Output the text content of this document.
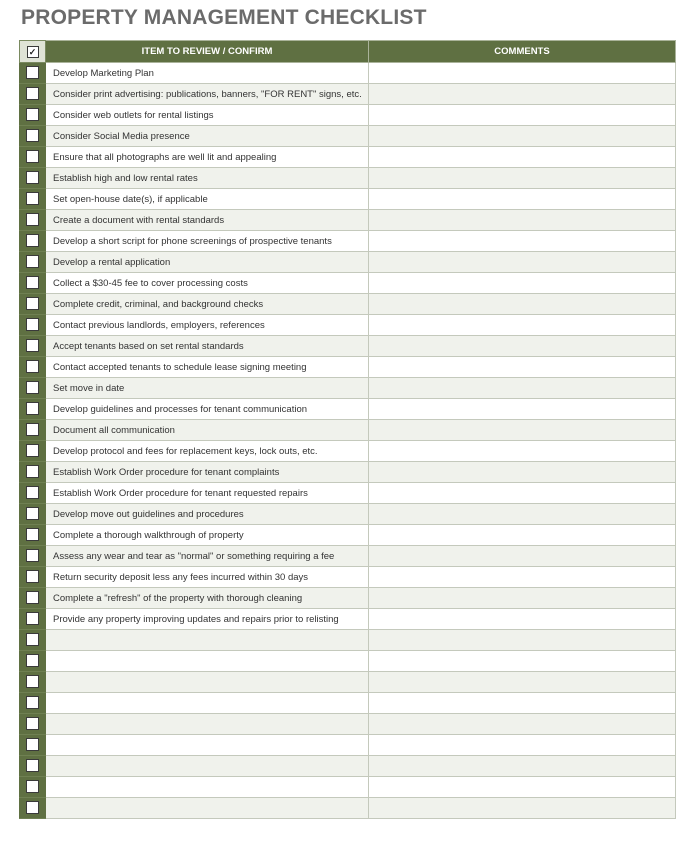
PROPERTY MANAGEMENT CHECKLIST
✓	ITEM TO REVIEW / CONFIRM	COMMENTS
	Develop Marketing Plan	
	Consider print advertising: publications, banners, "FOR RENT" signs, etc.	
	Consider web outlets for rental listings	
	Consider Social Media presence	
	Ensure that all photographs are well lit and appealing	
	Establish high and low rental rates	
	Set open-house date(s), if applicable	
	Create a document with rental standards	
	Develop a short script for phone screenings of prospective tenants	
	Develop a rental application	
	Collect a $30-45 fee to cover processing costs	
	Complete credit, criminal, and background checks	
	Contact previous landlords, employers, references	
	Accept tenants based on set rental standards	
	Contact accepted tenants to schedule lease signing meeting	
	Set move in date	
	Develop guidelines and processes for tenant communication	
	Document all communication	
	Develop protocol and fees for replacement keys, lock outs, etc.	
	Establish Work Order procedure for tenant complaints	
	Establish Work Order procedure for tenant requested repairs	
	Develop move out guidelines and procedures	
	Complete a thorough walkthrough of property	
	Assess any wear and tear as "normal" or something requiring a fee	
	Return security deposit less any fees incurred within 30 days	
	Complete a "refresh" of the property with thorough cleaning	
	Provide any property improving updates and repairs prior to relisting	
